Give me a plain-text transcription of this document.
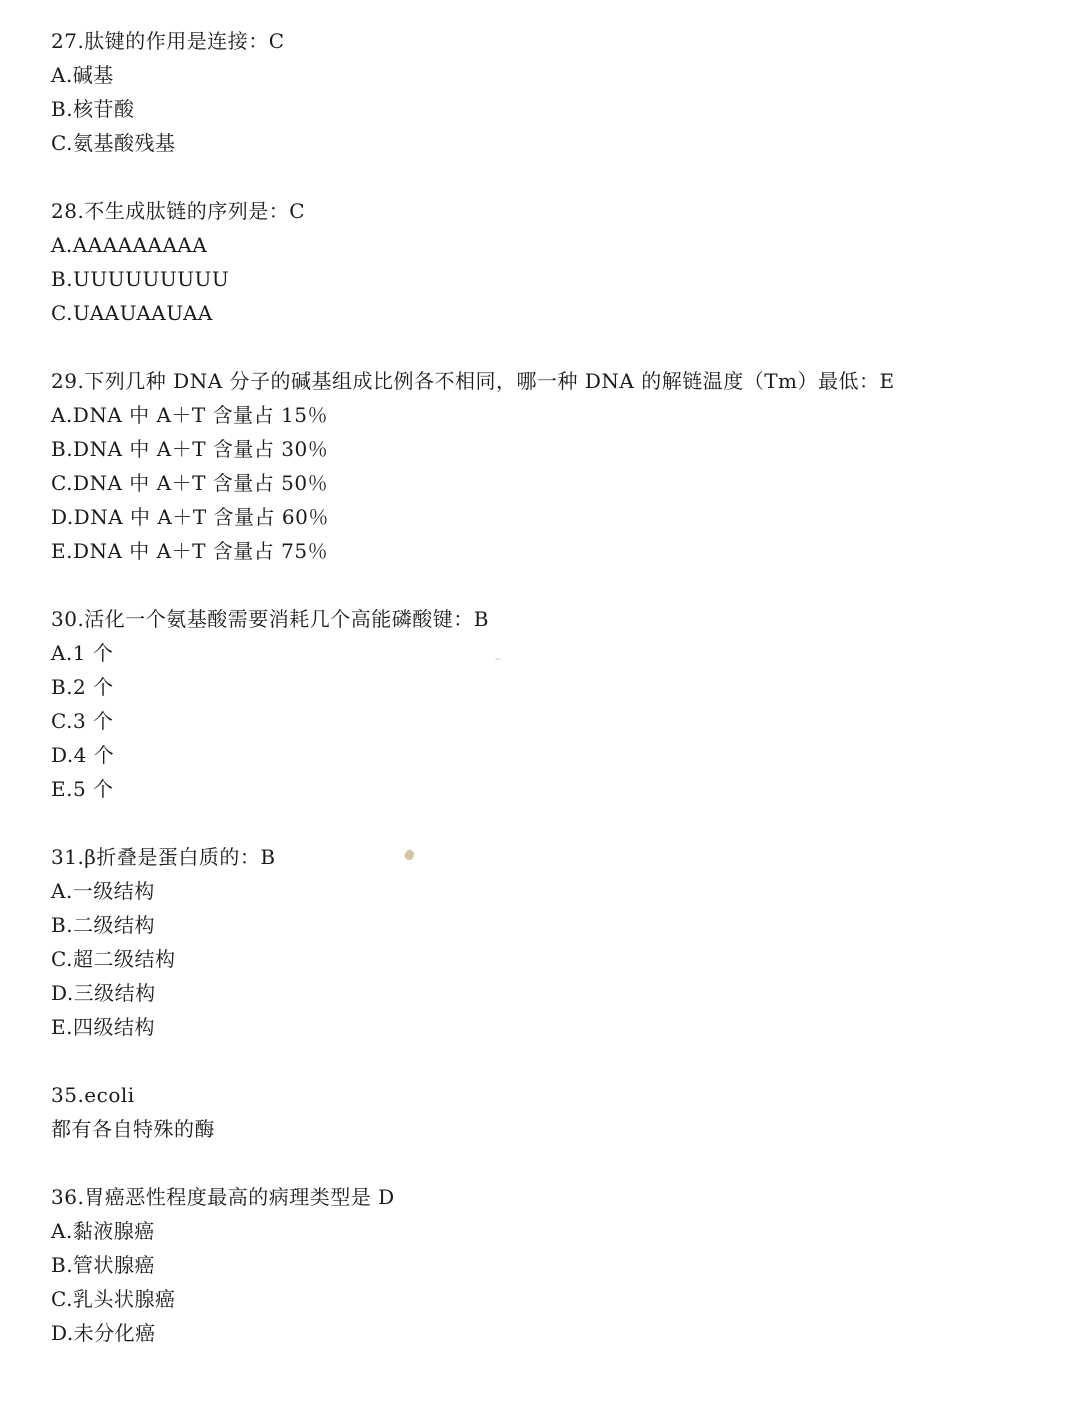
27.肽键的作用是连接：C
A.碱基
B.核苷酸
C.氨基酸残基
28.不生成肽链的序列是：C
A.AAAAAAAAA
B.UUUUUUUUU
C.UAAUAAUAA
29.下列几种 DNA 分子的碱基组成比例各不相同，哪一种 DNA 的解链温度（Tm）最低：E
A.DNA 中 A＋T 含量占 15％
B.DNA 中 A＋T 含量占 30％
C.DNA 中 A＋T 含量占 50％
D.DNA 中 A＋T 含量占 60％
E.DNA 中 A＋T 含量占 75％
30.活化一个氨基酸需要消耗几个高能磷酸键：B
A.1 个
B.2 个
C.3 个
D.4 个
E.5 个
31.β折叠是蛋白质的：B
A.一级结构
B.二级结构
C.超二级结构
D.三级结构
E.四级结构
35.ecoli
都有各自特殊的酶
36.胃癌恶性程度最高的病理类型是 D
A.黏液腺癌
B.管状腺癌
C.乳头状腺癌
D.未分化癌
